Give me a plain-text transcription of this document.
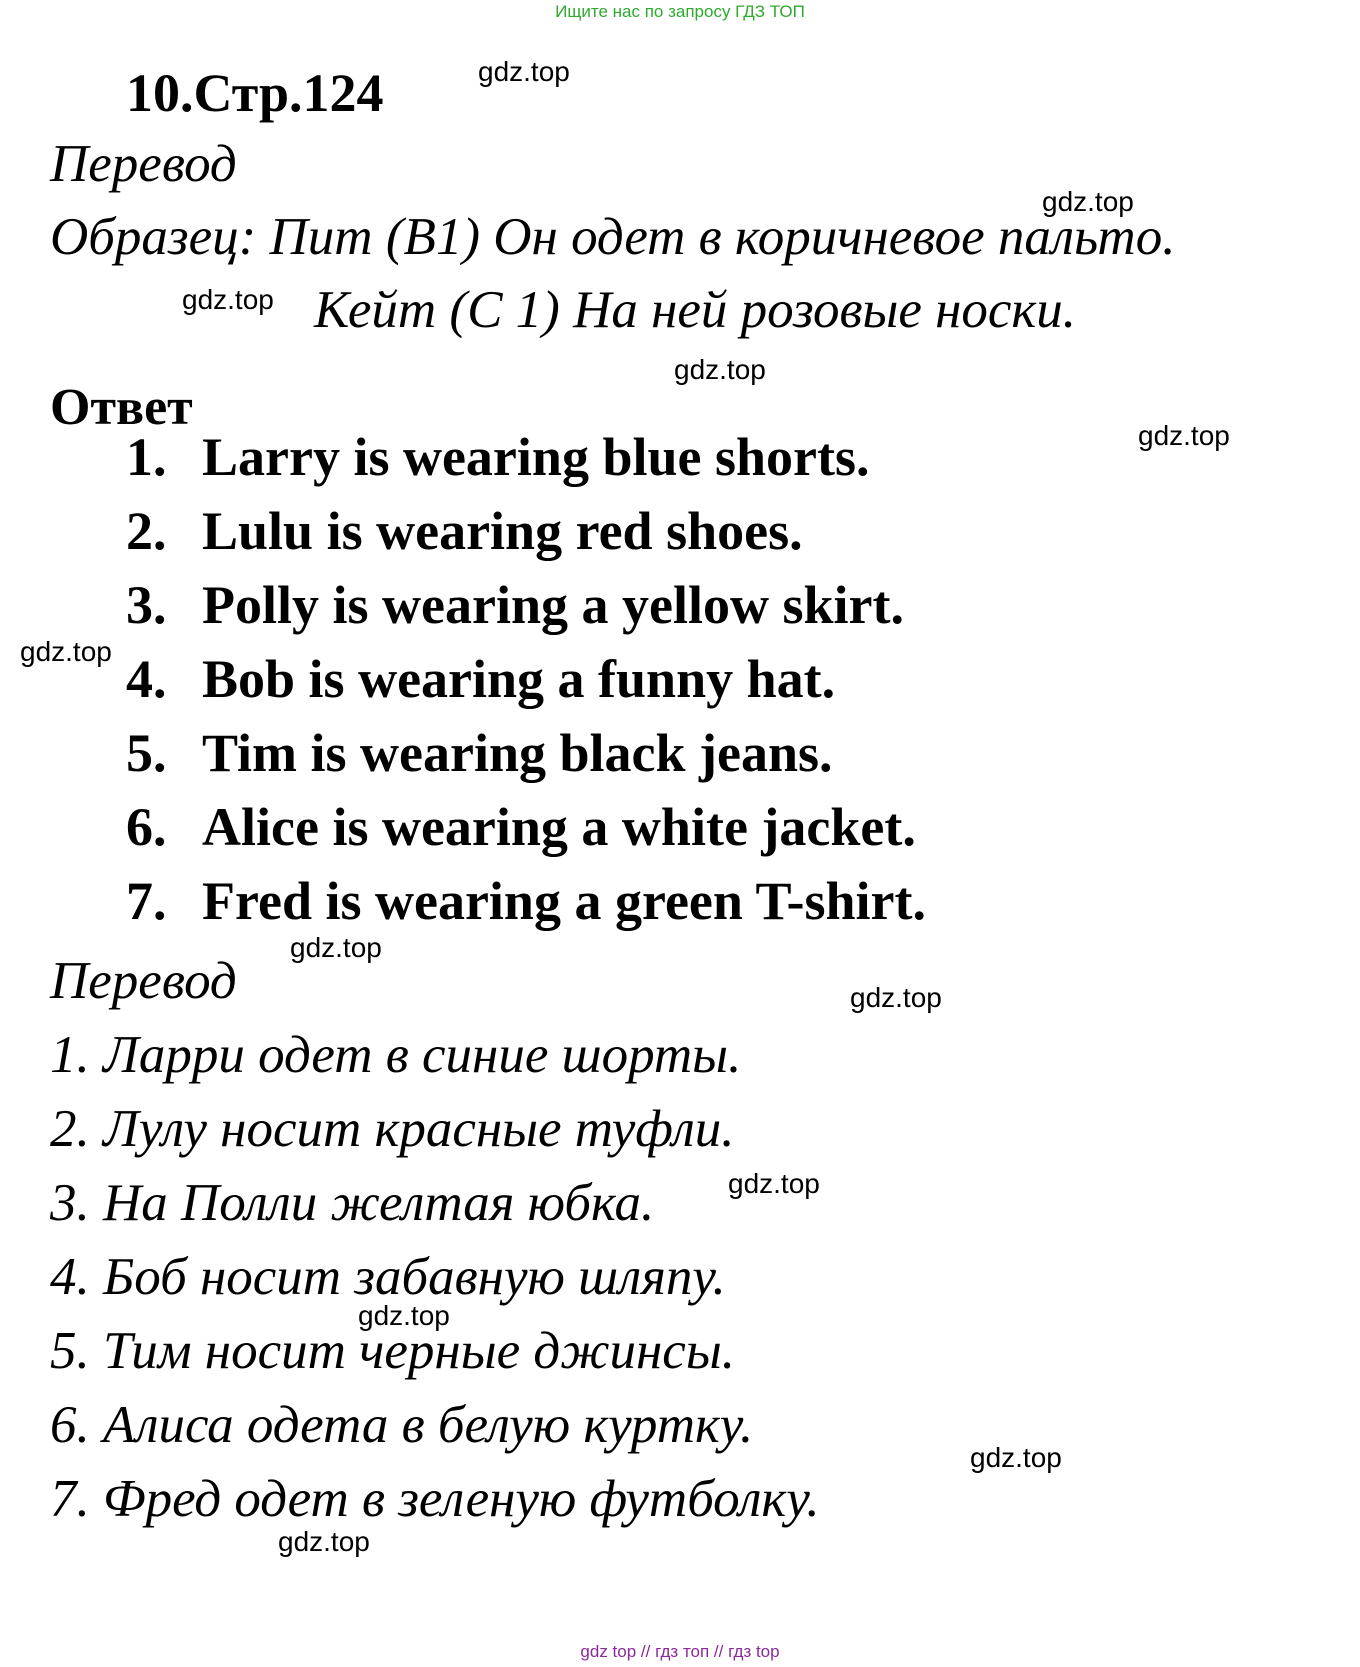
Ищите нас по запросу ГДЗ ТОП
10.Стр.124
Перевод
Образец: Пит (B1) Он одет в коричневое пальто.
Кейт (C 1) На ней розовые носки.
Ответ
1. Larry is wearing blue shorts.
2. Lulu is wearing red shoes.
3. Polly is wearing a yellow skirt.
4. Bob is wearing a funny hat.
5. Tim is wearing black jeans.
6. Alice is wearing a white jacket.
7. Fred is wearing a green T-shirt.
Перевод
1. Ларри одет в синие шорты.
2. Лулу носит красные туфли.
3. На Полли желтая юбка.
4. Боб носит забавную шляпу.
5. Тим носит черные джинсы.
6. Алиса одета в белую куртку.
7. Фред одет в зеленую футболку.
gdz.top
gdz.top
gdz.top
gdz.top
gdz.top
gdz.top
gdz.top
gdz.top
gdz.top
gdz.top
gdz.top
gdz.top
gdz top // гдз топ // гдз top
